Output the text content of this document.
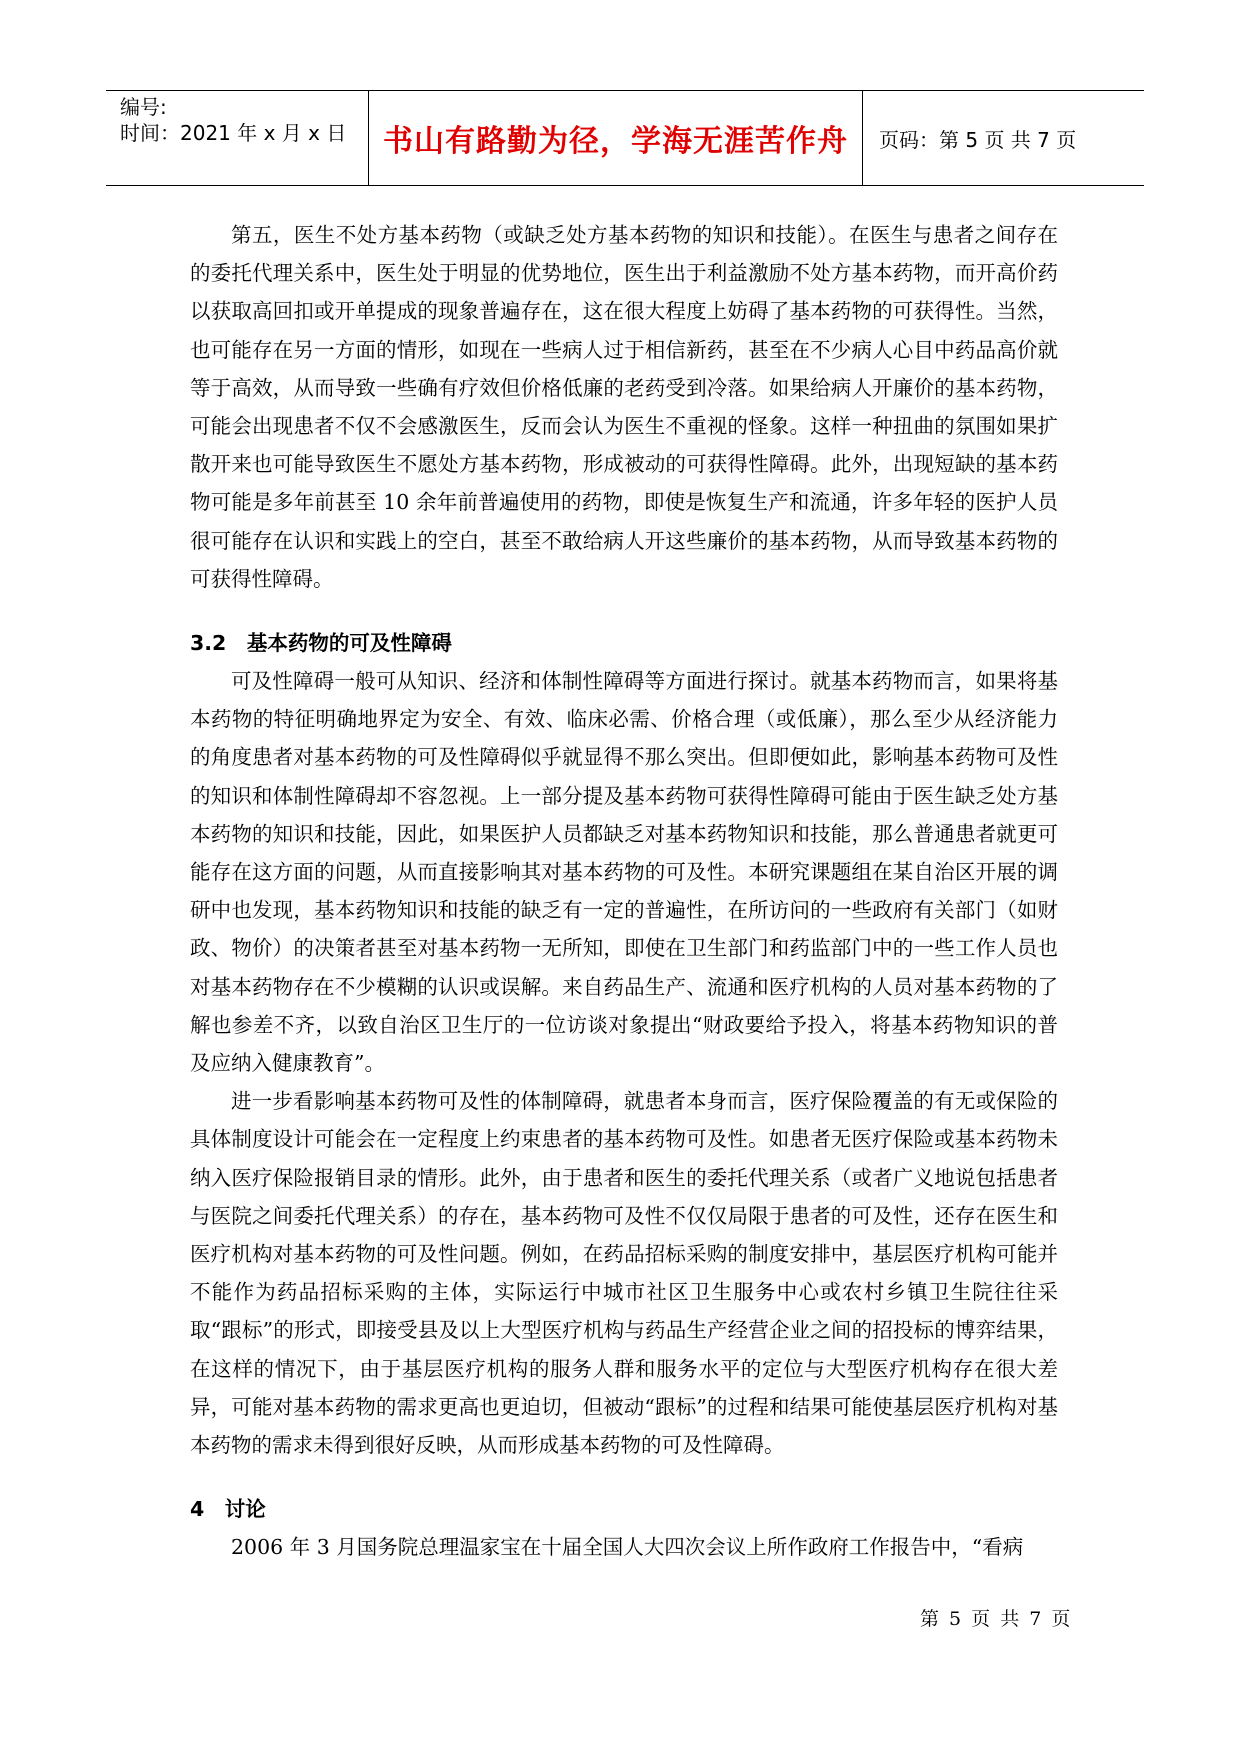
编号:
时间：2021 年 x 月 x 日 书山有路勤为径，学海无涯苦作舟 页码：第 5 页 共 7 页

第五，医生不处方基本药物（或缺乏处方基本药物的知识和技能）。在医生与患者之间存在的委托代理关系中，医生处于明显的优势地位，医生出于利益激励不处方基本药物，而开高价药以获取高回扣或开单提成的现象普遍存在，这在很大程度上妨碍了基本药物的可获得性。当然，也可能存在另一方面的情形，如现在一些病人过于相信新药，甚至在不少病人心目中药品高价就等于高效，从而导致一些确有疗效但价格低廉的老药受到冷落。如果给病人开廉价的基本药物，可能会出现患者不仅不会感激医生，反而会认为医生不重视的怪象。这样一种扭曲的氛围如果扩散开来也可能导致医生不愿处方基本药物，形成被动的可获得性障碍。此外，出现短缺的基本药物可能是多年前甚至 10 余年前普遍使用的药物，即使是恢复生产和流通，许多年轻的医护人员很可能存在认识和实践上的空白，甚至不敢给病人开这些廉价的基本药物，从而导致基本药物的可获得性障碍。

3.2　基本药物的可及性障碍

可及性障碍一般可从知识、经济和体制性障碍等方面进行探讨。就基本药物而言，如果将基本药物的特征明确地界定为安全、有效、临床必需、价格合理（或低廉），那么至少从经济能力的角度患者对基本药物的可及性障碍似乎就显得不那么突出。但即便如此，影响基本药物可及性的知识和体制性障碍却不容忽视。上一部分提及基本药物可获得性障碍可能由于医生缺乏处方基本药物的知识和技能，因此，如果医护人员都缺乏对基本药物知识和技能，那么普通患者就更可能存在这方面的问题，从而直接影响其对基本药物的可及性。本研究课题组在某自治区开展的调研中也发现，基本药物知识和技能的缺乏有一定的普遍性，在所访问的一些政府有关部门（如财政、物价）的决策者甚至对基本药物一无所知，即使在卫生部门和药监部门中的一些工作人员也对基本药物存在不少模糊的认识或误解。来自药品生产、流通和医疗机构的人员对基本药物的了解也参差不齐，以致自治区卫生厅的一位访谈对象提出“财政要给予投入，将基本药物知识的普及应纳入健康教育”。

进一步看影响基本药物可及性的体制障碍，就患者本身而言，医疗保险覆盖的有无或保险的具体制度设计可能会在一定程度上约束患者的基本药物可及性。如患者无医疗保险或基本药物未纳入医疗保险报销目录的情形。此外，由于患者和医生的委托代理关系（或者广义地说包括患者与医院之间委托代理关系）的存在，基本药物可及性不仅仅局限于患者的可及性，还存在医生和医疗机构对基本药物的可及性问题。例如，在药品招标采购的制度安排中，基层医疗机构可能并不能作为药品招标采购的主体，实际运行中城市社区卫生服务中心或农村乡镇卫生院往往采取“跟标”的形式，即接受县及以上大型医疗机构与药品生产经营企业之间的招投标的博弈结果，在这样的情况下，由于基层医疗机构的服务人群和服务水平的定位与大型医疗机构存在很大差异，可能对基本药物的需求更高也更迫切，但被动“跟标”的过程和结果可能使基层医疗机构对基本药物的需求未得到很好反映，从而形成基本药物的可及性障碍。

4　讨论

2006 年 3 月国务院总理温家宝在十届全国人大四次会议上所作政府工作报告中，“看病

第 5 页 共 7 页
